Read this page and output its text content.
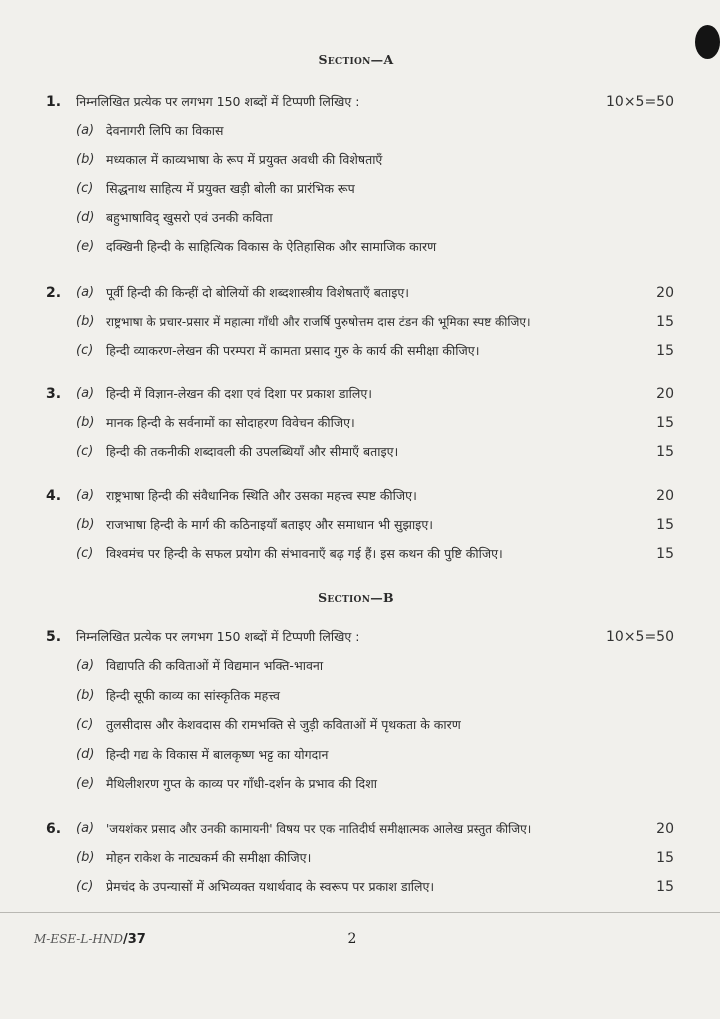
Section—A
1. निम्नलिखित प्रत्येक पर लगभग 150 शब्दों में टिप्पणी लिखिए :	10×5=50
(a) देवनागरी लिपि का विकास
(b) मध्यकाल में काव्यभाषा के रूप में प्रयुक्त अवधी की विशेषताएँ
(c) सिद्धनाथ साहित्य में प्रयुक्त खड़ी बोली का प्रारंभिक रूप
(d) बहुभाषाविद् खुसरो एवं उनकी कविता
(e) दक्खिनी हिन्दी के साहित्यिक विकास के ऐतिहासिक और सामाजिक कारण
2. (a) पूर्वी हिन्दी की किन्हीं दो बोलियों की शब्दशास्त्रीय विशेषताएँ बताइए।	20
(b) राष्ट्रभाषा के प्रचार-प्रसार में महात्मा गाँधी और राजर्षि पुरुषोत्तम दास टंडन की भूमिका स्पष्ट कीजिए।	15
(c) हिन्दी व्याकरण-लेखन की परम्परा में कामता प्रसाद गुरु के कार्य की समीक्षा कीजिए।	15
3. (a) हिन्दी में विज्ञान-लेखन की दशा एवं दिशा पर प्रकाश डालिए।	20
(b) मानक हिन्दी के सर्वनामों का सोदाहरण विवेचन कीजिए।	15
(c) हिन्दी की तकनीकी शब्दावली की उपलब्धियाँ और सीमाएँ बताइए।	15
4. (a) राष्ट्रभाषा हिन्दी की संवैधानिक स्थिति और उसका महत्त्व स्पष्ट कीजिए।	20
(b) राजभाषा हिन्दी के मार्ग की कठिनाइयाँ बताइए और समाधान भी सुझाइए।	15
(c) विश्वमंच पर हिन्दी के सफल प्रयोग की संभावनाएँ बढ़ गई हैं। इस कथन की पुष्टि कीजिए।	15
Section—B
5. निम्नलिखित प्रत्येक पर लगभग 150 शब्दों में टिप्पणी लिखिए :	10×5=50
(a) विद्यापति की कविताओं में विद्यमान भक्ति-भावना
(b) हिन्दी सूफी काव्य का सांस्कृतिक महत्त्व
(c) तुलसीदास और केशवदास की रामभक्ति से जुड़ी कविताओं में पृथकता के कारण
(d) हिन्दी गद्य के विकास में बालकृष्ण भट्ट का योगदान
(e) मैथिलीशरण गुप्त के काव्य पर गाँधी-दर्शन के प्रभाव की दिशा
6. (a) 'जयशंकर प्रसाद और उनकी कामायनी' विषय पर एक नातिदीर्घ समीक्षात्मक आलेख प्रस्तुत कीजिए।	20
(b) मोहन राकेश के नाट्यकर्म की समीक्षा कीजिए।	15
(c) प्रेमचंद के उपन्यासों में अभिव्यक्त यथार्थवाद के स्वरूप पर प्रकाश डालिए।	15
M-ESE-L-HND/37	2
